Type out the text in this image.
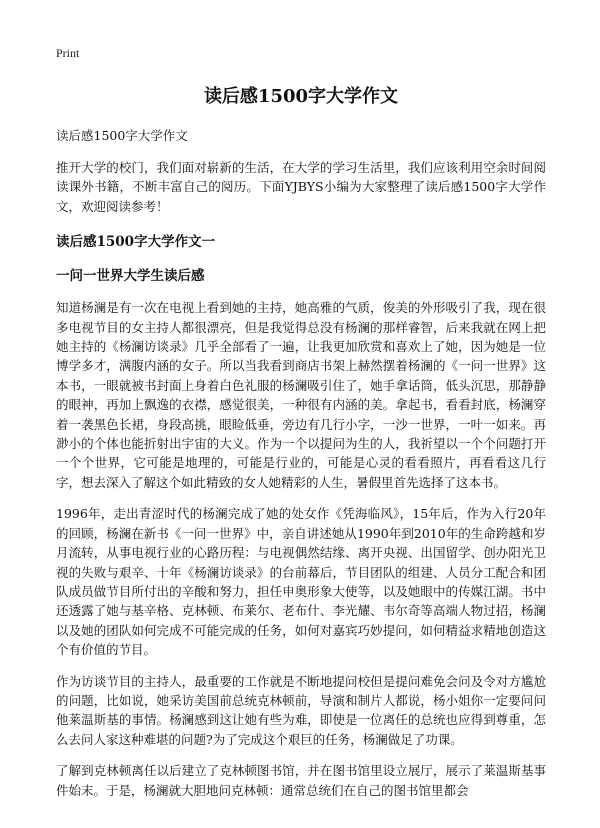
Print
读后感1500字大学作文
读后感1500字大学作文

推开大学的校门，我们面对崭新的生活，在大学的学习生活里，我们应该利用空余时间阅读课外书籍，不断丰富自己的阅历。下面YJBYS小编为大家整理了读后感1500字大学作文，欢迎阅读参考！

读后感1500字大学作文一
一问一世界大学生读后感

知道杨澜是有一次在电视上看到她的主持，她高雅的气质，俊美的外形吸引了我，现在很多电视节目的女主持人都很漂亮，但是我觉得总没有杨澜的那样睿智，后来我就在网上把她主持的《杨澜访谈录》几乎全部看了一遍，让我更加欣赏和喜欢上了她，因为她是一位博学多才，满腹内涵的女子。所以当我看到商店书架上赫然摆着杨澜的《一问一世界》这本书，一眼就被书封面上身着白色礼服的杨澜吸引住了，她手拿话筒，低头沉思，那静静的眼神，再加上飘逸的衣襟，感觉很美，一种很有内涵的美。拿起书，看看封底，杨澜穿着一袭黑色长裙，身段高挑，眼睑低垂，旁边有几行小字，一沙一世界，一叶一如来。再渺小的个体也能折射出宇宙的大义。作为一个以提问为生的人，我祈望以一个个问题打开一个个世界，它可能是地理的，可能是行业的，可能是心灵的看看照片，再看看这几行字，想去深入了解这个如此精致的女人她精彩的人生，暑假里首先选择了这本书。

1996年，走出青涩时代的杨澜完成了她的处女作《凭海临风》，15年后，作为入行20年的回顾，杨澜在新书《一问一世界》中，亲自讲述她从1990年到2010年的生命跨越和岁月流转，从事电视行业的心路历程：与电视偶然结缘、离开央视、出国留学、创办阳光卫视的失败与艰辛、十年《杨澜访谈录》的台前幕后，节目团队的组建、人员分工配合和团队成员做节目所付出的辛酸和努力，担任申奥形象大使等，以及她眼中的传媒江湖。书中还透露了她与基辛格、克林顿、布莱尔、老布什、李光耀、韦尔奇等高端人物过招，杨澜以及她的团队如何完成不可能完成的任务，如何对嘉宾巧妙提问，如何精益求精地创造这个有价值的节目。

作为访谈节目的主持人，最重要的工作就是不断地提问校但是提问难免会问及令对方尴尬的问题，比如说，她采访美国前总统克林顿前，导演和制片人都说，杨小姐你一定要问问他莱温斯基的事情。杨澜感到这让她有些为难，即使是一位离任的总统也应得到尊重，怎么去问人家这种难堪的问题?为了完成这个艰巨的任务，杨澜做足了功课。

了解到克林顿离任以后建立了克林顿图书馆，并在图书馆里设立展厅，展示了莱温斯基事件始末。于是，杨澜就大胆地问克林顿：通常总统们在自己的图书馆里都会
